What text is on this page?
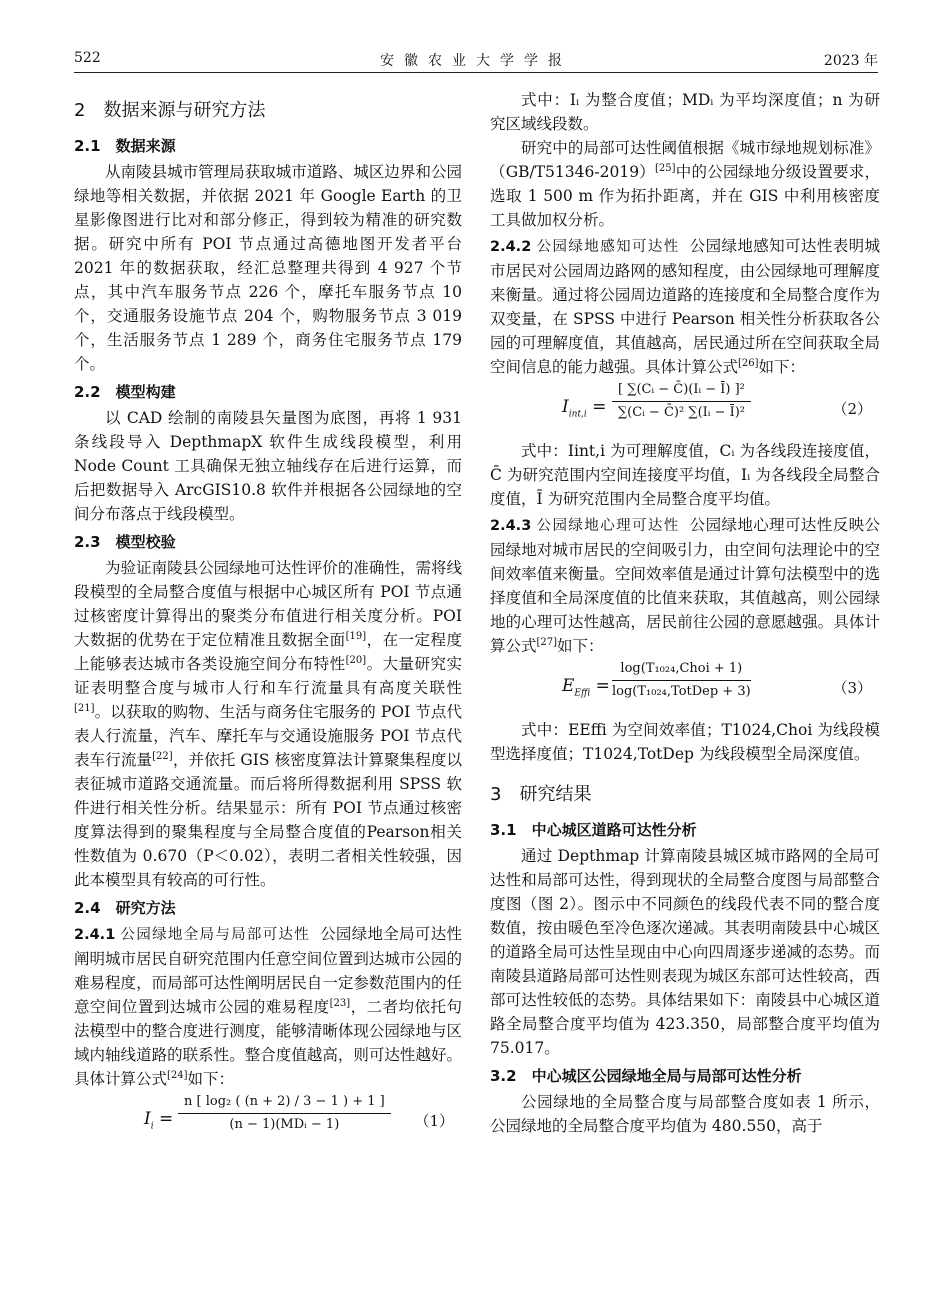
522	安徽农业大学学报	2023 年
2　数据来源与研究方法
2.1　数据来源

从南陵县城市管理局获取城市道路、城区边界和公园绿地等相关数据，并依据 2021 年 Google Earth 的卫星影像图进行比对和部分修正，得到较为精准的研究数据。研究中所有 POI 节点通过高德地图开发者平台 2021 年的数据获取，经汇总整理共得到 4 927 个节点，其中汽车服务节点 226 个，摩托车服务节点 10 个，交通服务设施节点 204 个，购物服务节点 3 019 个，生活服务节点 1 289 个，商务住宅服务节点 179 个。

2.2　模型构建

以 CAD 绘制的南陵县矢量图为底图，再将 1 931 条线段导入 DepthmapX 软件生成线段模型，利用 Node Count 工具确保无独立轴线存在后进行运算，而后把数据导入 ArcGIS10.8 软件并根据各公园绿地的空间分布落点于线段模型。

2.3　模型校验

为验证南陵县公园绿地可达性评价的准确性，需将线段模型的全局整合度值与根据中心城区所有 POI 节点通过核密度计算得出的聚类分布值进行相关度分析。POI 大数据的优势在于定位精准且数据全面[19]，在一定程度上能够表达城市各类设施空间分布特性[20]。大量研究实证表明整合度与城市人行和车行流量具有高度关联性[21]。以获取的购物、生活与商务住宅服务的 POI 节点代表人行流量，汽车、摩托车与交通设施服务 POI 节点代表车行流量[22]，并依托 GIS 核密度算法计算聚集程度以表征城市道路交通流量。而后将所得数据利用 SPSS 软件进行相关性分析。结果显示：所有 POI 节点通过核密度算法得到的聚集程度与全局整合度值的Pearson相关性数值为 0.670（P＜0.02），表明二者相关性较强，因此本模型具有较高的可行性。

2.4　研究方法

2.4.1 公园绿地全局与局部可达性 公园绿地全局可达性阐明城市居民自研究范围内任意空间位置到达城市公园的难易程度，而局部可达性阐明居民自一定参数范围内的任意空间位置到达城市公园的难易程度[23]，二者均依托句法模型中的整合度进行测度，能够清晰体现公园绿地与区域内轴线道路的联系性。整合度值越高，则可达性越好。具体计算公式[24]如下：

$I_i$ =
n [ log₂ ( (n + 2) / 3 − 1 ) + 1 ]
(n − 1)(MDᵢ − 1)	（1）

式中：Iᵢ 为整合度值；MDᵢ 为平均深度值；n 为研究区域线段数。

研究中的局部可达性阈值根据《城市绿地规划标准》（GB/T51346-2019）[25]中的公园绿地分级设置要求，选取 1 500 m 作为拓扑距离，并在 GIS 中利用核密度工具做加权分析。

2.4.2 公园绿地感知可达性 公园绿地感知可达性表明城市居民对公园周边路网的感知程度，由公园绿地可理解度来衡量。通过将公园周边道路的连接度和全局整合度作为双变量，在 SPSS 中进行 Pearson 相关性分析获取各公园的可理解度值，其值越高，居民通过所在空间获取全局空间信息的能力越强。具体计算公式[26]如下：

$I_{int,i} = \frac{\text{[ ∑(Cᵢ − C̄)(Iᵢ − Ī) ]²}}{\text{∑(Cᵢ − C̄)² ∑(Iᵢ − Ī)²}}$	（2）

式中：Iint,i 为可理解度值，Cᵢ 为各线段连接度值，C̄ 为研究范围内空间连接度平均值，Iᵢ 为各线段全局整合度值，Ī 为研究范围内全局整合度平均值。

2.4.3 公园绿地心理可达性 公园绿地心理可达性反映公园绿地对城市居民的空间吸引力，由空间句法理论中的空间效率值来衡量。空间效率值是通过计算句法模型中的选择度值和全局深度值的比值来获取，其值越高，则公园绿地的心理可达性越高，居民前往公园的意愿越强。具体计算公式[27]如下：

$E_{Effi}$ =
log(T₁₀₂₄,Choi + 1)
log(T₁₀₂₄,TotDep + 3)	（3）

式中：EEffi 为空间效率值；T1024,Choi 为线段模型选择度值；T1024,TotDep 为线段模型全局深度值。

3　研究结果
3.1　中心城区道路可达性分析

通过 Depthmap 计算南陵县城区城市路网的全局可达性和局部可达性，得到现状的全局整合度图与局部整合度图（图 2）。图示中不同颜色的线段代表不同的整合度数值，按由暖色至冷色逐次递减。其表明南陵县中心城区的道路全局可达性呈现由中心向四周逐步递减的态势。而南陵县道路局部可达性则表现为城区东部可达性较高，西部可达性较低的态势。具体结果如下：南陵县中心城区道路全局整合度平均值为 423.350，局部整合度平均值为 75.017。

3.2　中心城区公园绿地全局与局部可达性分析

公园绿地的全局整合度与局部整合度如表 1 所示，公园绿地的全局整合度平均值为 480.550，高于
